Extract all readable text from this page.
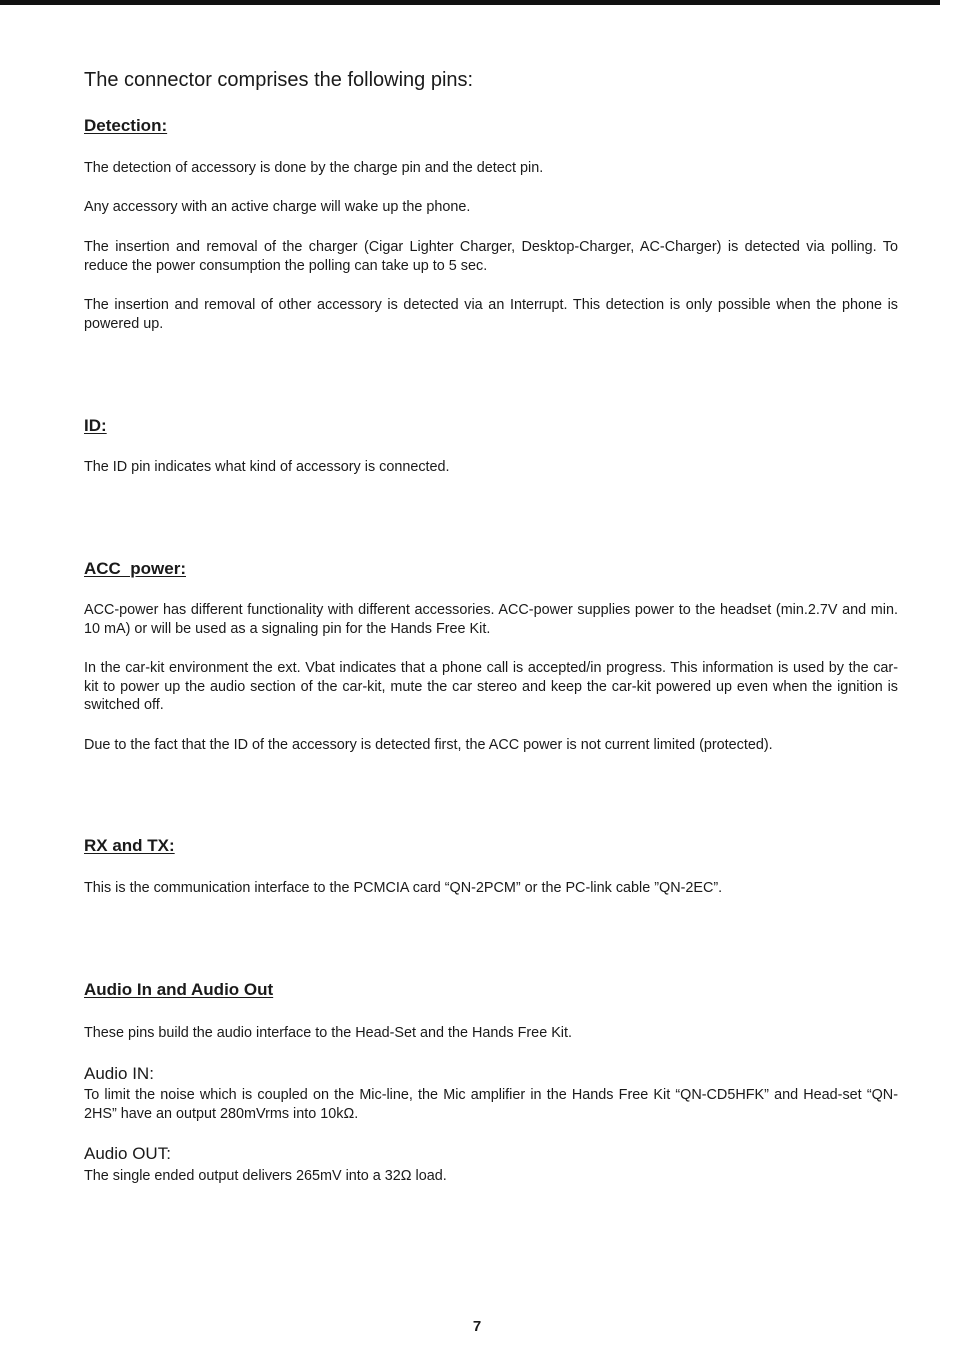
The connector comprises the following pins:
Detection:

The detection of accessory is done by the charge pin and the detect pin.

Any accessory with an active charge will wake up the phone.

The insertion and removal of the charger (Cigar Lighter Charger, Desktop-Charger, AC-Charger) is detected via polling. To reduce the power consumption the polling can take up to 5 sec.

The insertion and removal of other accessory is detected via an Interrupt. This detection is only possible when the phone is powered up.

ID:

The ID pin indicates what kind of accessory is connected.

ACC  power:

ACC-power has different functionality with different accessories. ACC-power supplies power to the headset (min.2.7V and min. 10 mA) or will be used as a signaling pin for the Hands Free Kit.

In the car-kit environment the ext. Vbat indicates that a phone call is accepted/in progress. This information is used by the car-kit to power up the audio section of the car-kit, mute the car stereo and keep the car-kit powered up even when the ignition is switched off.

Due to the fact that the ID of the accessory is detected first, the ACC power is not current limited (protected).

RX and TX:

This is the communication interface to the PCMCIA card “QN-2PCM” or the PC-link cable ”QN-2EC”.

Audio In and Audio Out

These pins build the audio interface to the Head-Set and the Hands Free Kit.

Audio IN:

To limit the noise which is coupled on the Mic-line, the Mic amplifier in the Hands Free Kit “QN-CD5HFK” and Head-set “QN-2HS” have an output 280mVrms into 10kΩ.

Audio OUT:

The single ended output delivers 265mV into a 32Ω load.

7
